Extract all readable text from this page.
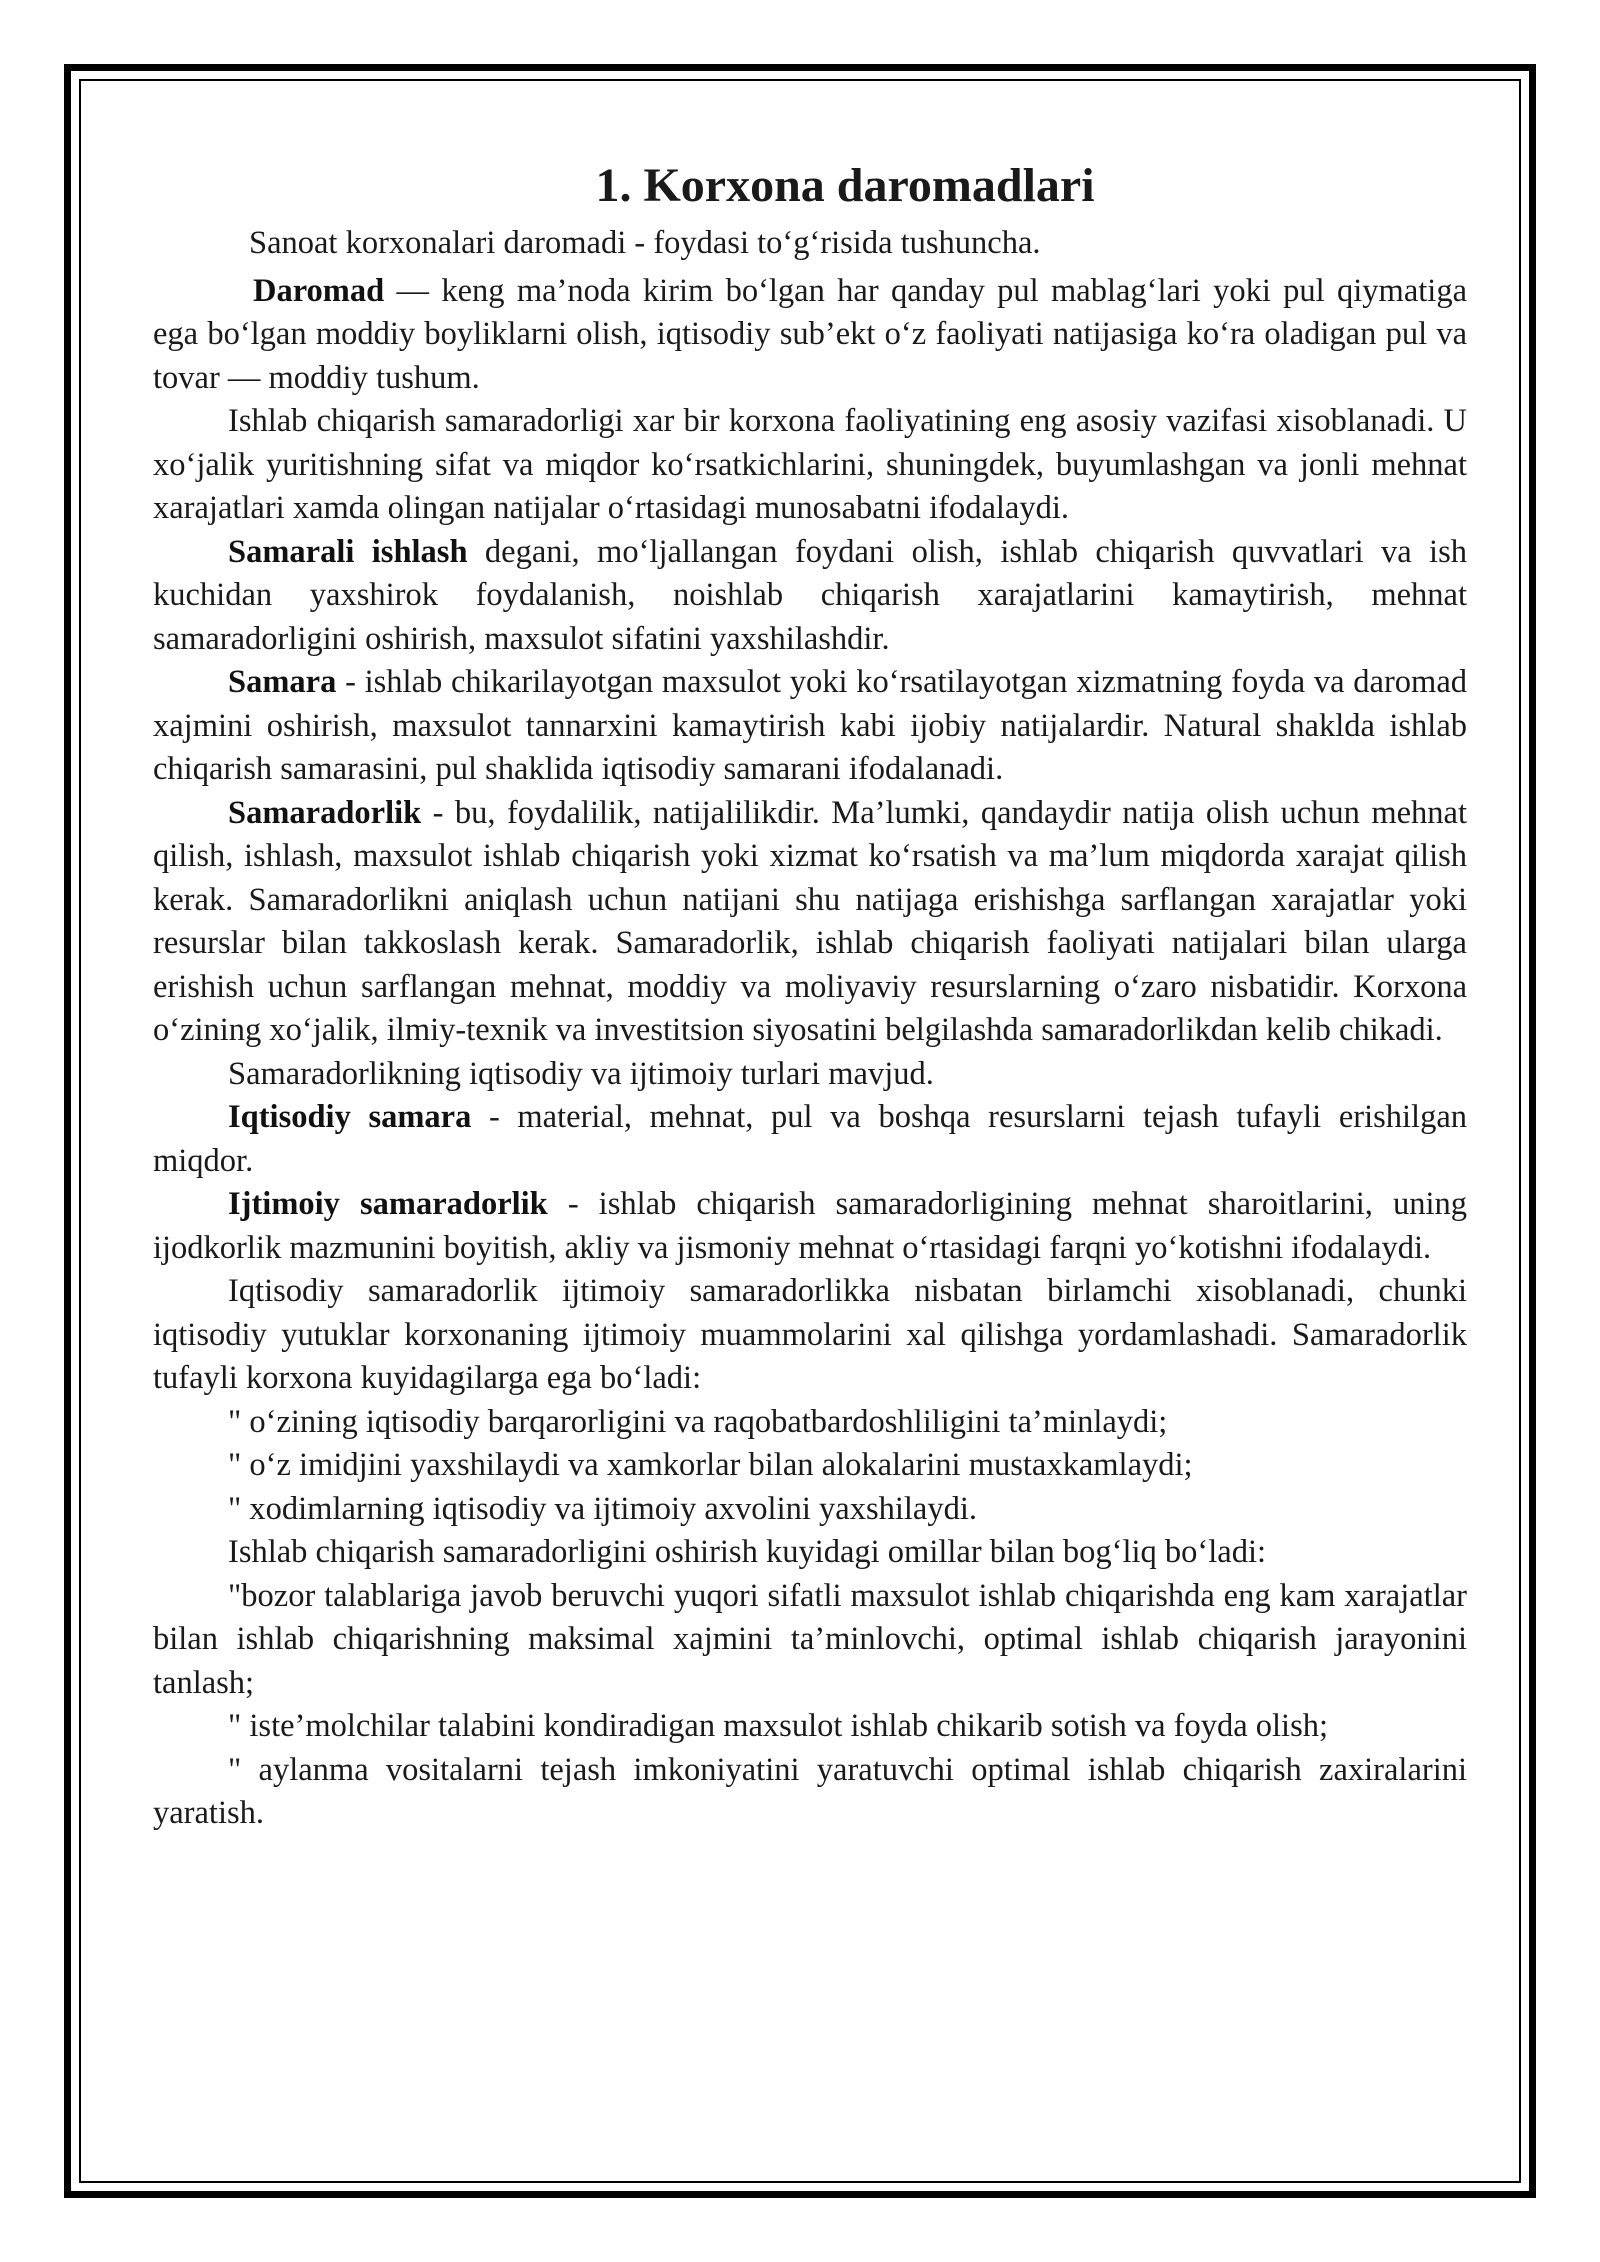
1. Korxona daromadlari

Sanoat korxonalari daromadi - foydasi to‘g‘risida tushuncha.

Daromad — keng ma’noda kirim bo‘lgan har qanday pul mablag‘lari yoki pul qiymatiga ega bo‘lgan moddiy boyliklarni olish, iqtisodiy sub’ekt o‘z faoliyati natijasiga ko‘ra oladigan pul va tovar — moddiy tushum.

Ishlab chiqarish samaradorligi xar bir korxona faoliyatining eng asosiy vazifasi xisoblanadi. U xo‘jalik yuritishning sifat va miqdor ko‘rsatkichlarini, shuningdek, buyumlashgan va jonli mehnat xarajatlari xamda olingan natijalar o‘rtasidagi munosabatni ifodalaydi.

Samarali ishlash degani, mo‘ljallangan foydani olish, ishlab chiqarish quvvatlari va ish kuchidan yaxshirok foydalanish, noishlab chiqarish xarajatlarini kamaytirish, mehnat samaradorligini oshirish, maxsulot sifatini yaxshilashdir.

Samara - ishlab chikarilayotgan maxsulot yoki ko‘rsatilayotgan xizmatning foyda va daromad xajmini oshirish, maxsulot tannarxini kamaytirish kabi ijobiy natijalardir. Natural shaklda ishlab chiqarish samarasini, pul shaklida iqtisodiy samarani ifodalanadi.

Samaradorlik - bu, foydalilik, natijalilikdir. Ma’lumki, qandaydir natija olish uchun mehnat qilish, ishlash, maxsulot ishlab chiqarish yoki xizmat ko‘rsatish va ma’lum miqdorda xarajat qilish kerak. Samaradorlikni aniqlash uchun natijani shu natijaga erishishga sarflangan xarajatlar yoki resurslar bilan takkoslash kerak. Samaradorlik, ishlab chiqarish faoliyati natijalari bilan ularga erishish uchun sarflangan mehnat, moddiy va moliyaviy resurslarning o‘zaro nisbatidir. Korxona o‘zining xo‘jalik, ilmiy-texnik va investitsion siyosatini belgilashda samaradorlikdan kelib chikadi.

Samaradorlikning iqtisodiy va ijtimoiy turlari mavjud.

Iqtisodiy samara - material, mehnat, pul va boshqa resurslarni tejash tufayli erishilgan miqdor.

Ijtimoiy samaradorlik - ishlab chiqarish samaradorligining mehnat sharoitlarini, uning ijodkorlik mazmunini boyitish, akliy va jismoniy mehnat o‘rtasidagi farqni yo‘kotishni ifodalaydi.

Iqtisodiy samaradorlik ijtimoiy samaradorlikka nisbatan birlamchi xisoblanadi, chunki iqtisodiy yutuklar korxonaning ijtimoiy muammolarini xal qilishga yordamlashadi. Samaradorlik tufayli korxona kuyidagilarga ega bo‘ladi:

" o‘zining iqtisodiy barqarorligini va raqobatbardoshliligini ta’minlaydi;

" o‘z imidjini yaxshilaydi va xamkorlar bilan alokalarini mustaxkamlaydi;

" xodimlarning iqtisodiy va ijtimoiy axvolini yaxshilaydi.

Ishlab chiqarish samaradorligini oshirish kuyidagi omillar bilan bog‘liq bo‘ladi:

"bozor talablariga javob beruvchi yuqori sifatli maxsulot ishlab chiqarishda eng kam xarajatlar bilan ishlab chiqarishning maksimal xajmini ta’minlovchi, optimal ishlab chiqarish jarayonini tanlash;

" iste’molchilar talabini kondiradigan maxsulot ishlab chikarib sotish va foyda olish;

" aylanma vositalarni tejash imkoniyatini yaratuvchi optimal ishlab chiqarish zaxiralarini yaratish.
